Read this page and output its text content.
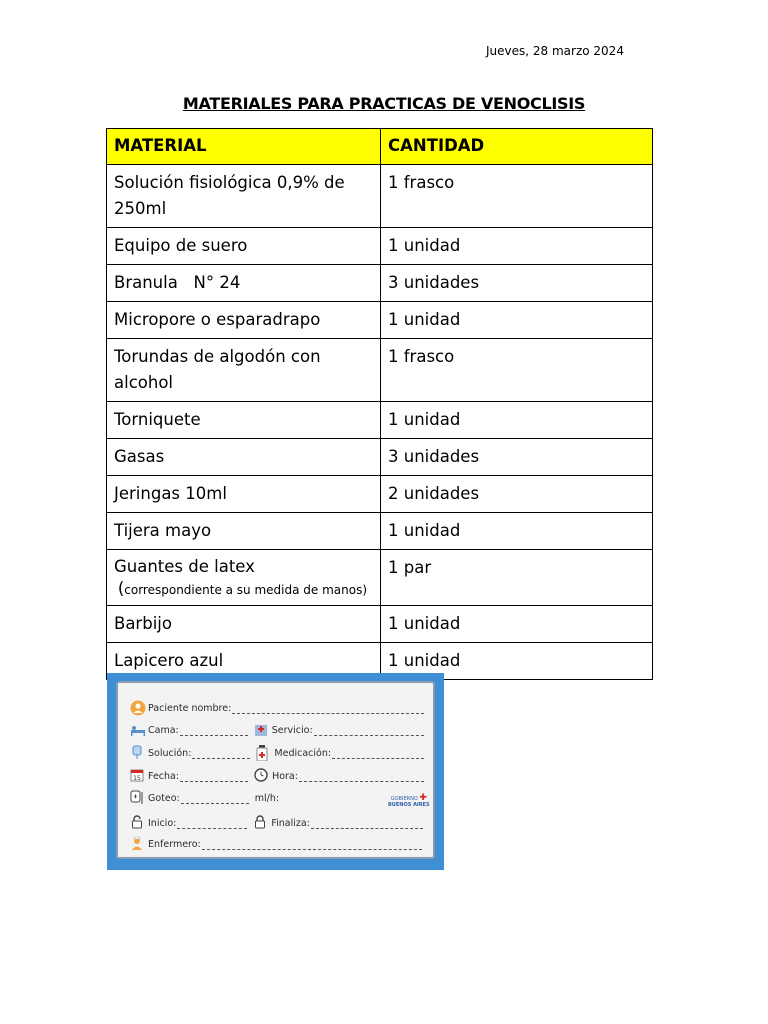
Jueves, 28 marzo 2024
MATERIALES PARA PRACTICAS DE VENOCLISIS
MATERIAL	CANTIDAD
Solución fisiológica 0,9% de 250ml	1 frasco
Equipo de suero	1 unidad
Branula   N° 24	3 unidades
Micropore o esparadrapo	1 unidad
Torundas de algodón con alcohol	1 frasco
Torniquete	1 unidad
Gasas	3 unidades
Jeringas 10ml	2 unidades
Tijera mayo	1 unidad

Guantes de latex
(correspondiente a su medida de manos)	1 par
Barbijo	1 unidad
Lapicero azul	1 unidad
Paciente nombre:
Cama:	Servicio:
Solución:	Medicación:
15 Fecha:	Hora:
Goteo:	ml/h:	GOBIERNO ✚
BUENOS AIRES
Inicio:	Finaliza:
Enfermero:
